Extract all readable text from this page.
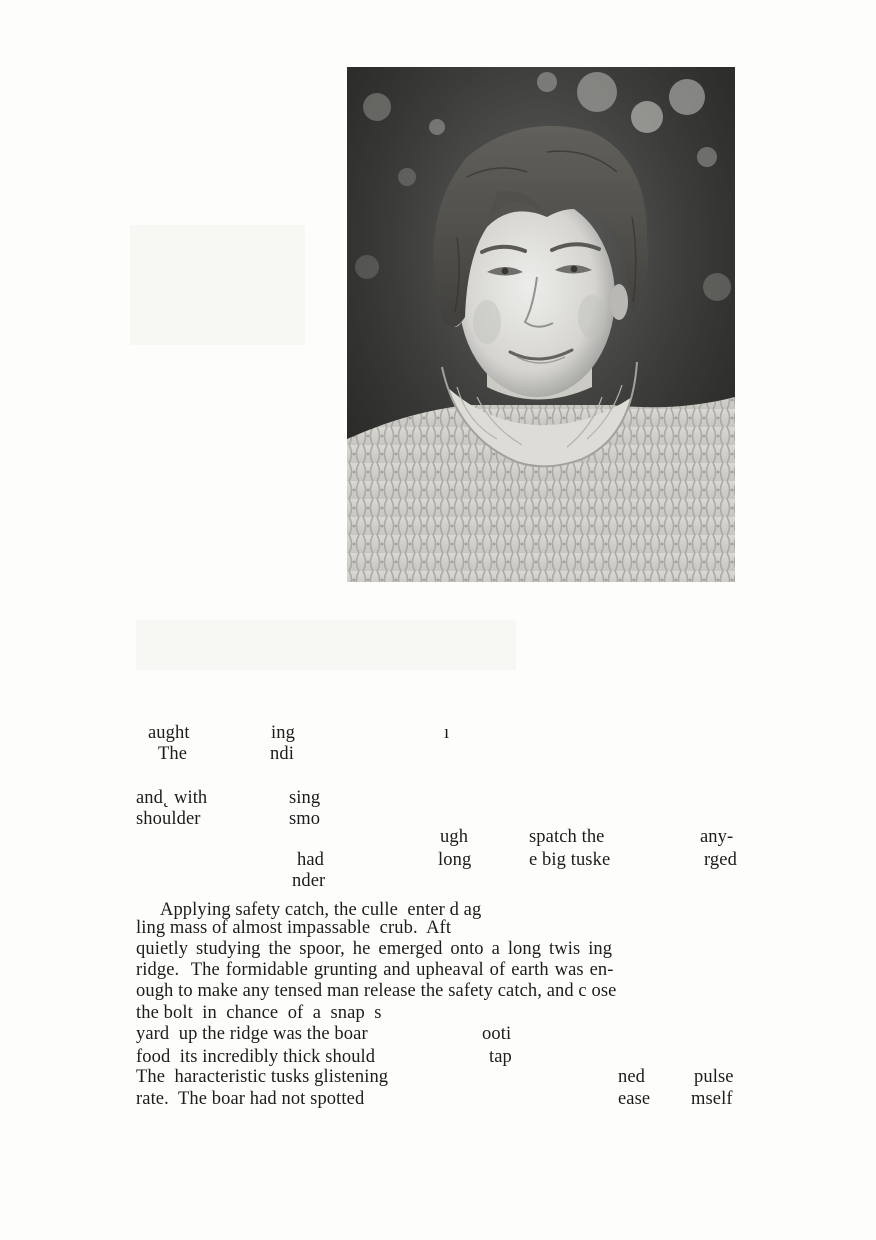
aught	ing	ı
The	ndi
and˛ with	sing
shoulder	smo
ugh	spatch the	any-
had	long	e big tuske	rged
nder
Applying safety catch, the culle  enter d ag
ling mass of almost impassable  crub.  Aft
quietly studying the spoor, he emerged onto a long twis ing
ridge.  The formidable grunting and upheaval of earth was en-
ough to make any tensed man release the safety catch, and c ose
the bolt  in  chance  of  a  snap  s
yard  up the ridge was the boar	ooti
food  its incredibly thick should	tap
The  haracteristic tusks glistening	ned	pulse
rate.  The boar had not spotted	ease mself
